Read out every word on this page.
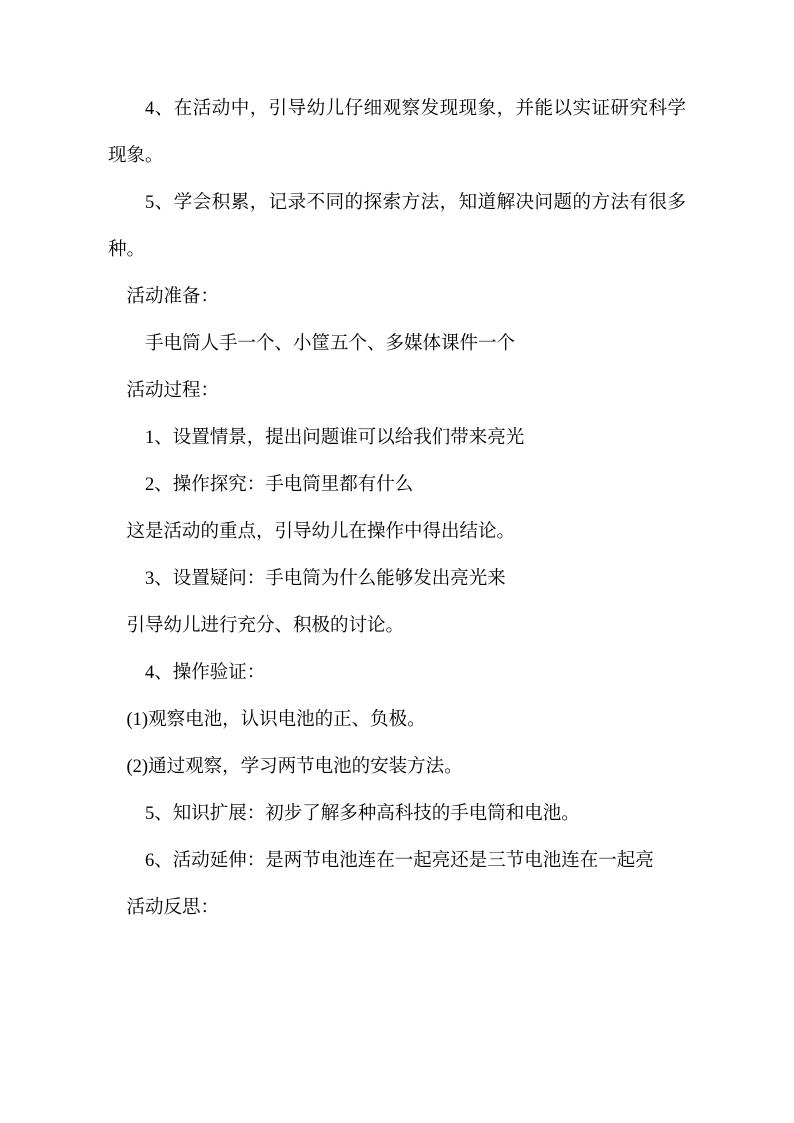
4、在活动中，引导幼儿仔细观察发现现象，并能以实证研究科学现象。

5、学会积累，记录不同的探索方法，知道解决问题的方法有很多种。

活动准备：

手电筒人手一个、小筐五个、多媒体课件一个

活动过程：

1、设置情景，提出问题谁可以给我们带来亮光

2、操作探究：手电筒里都有什么

这是活动的重点，引导幼儿在操作中得出结论。

3、设置疑问：手电筒为什么能够发出亮光来

引导幼儿进行充分、积极的讨论。

4、操作验证：

(1)观察电池，认识电池的正、负极。

(2)通过观察，学习两节电池的安装方法。

5、知识扩展：初步了解多种高科技的手电筒和电池。

6、活动延伸：是两节电池连在一起亮还是三节电池连在一起亮

活动反思：
